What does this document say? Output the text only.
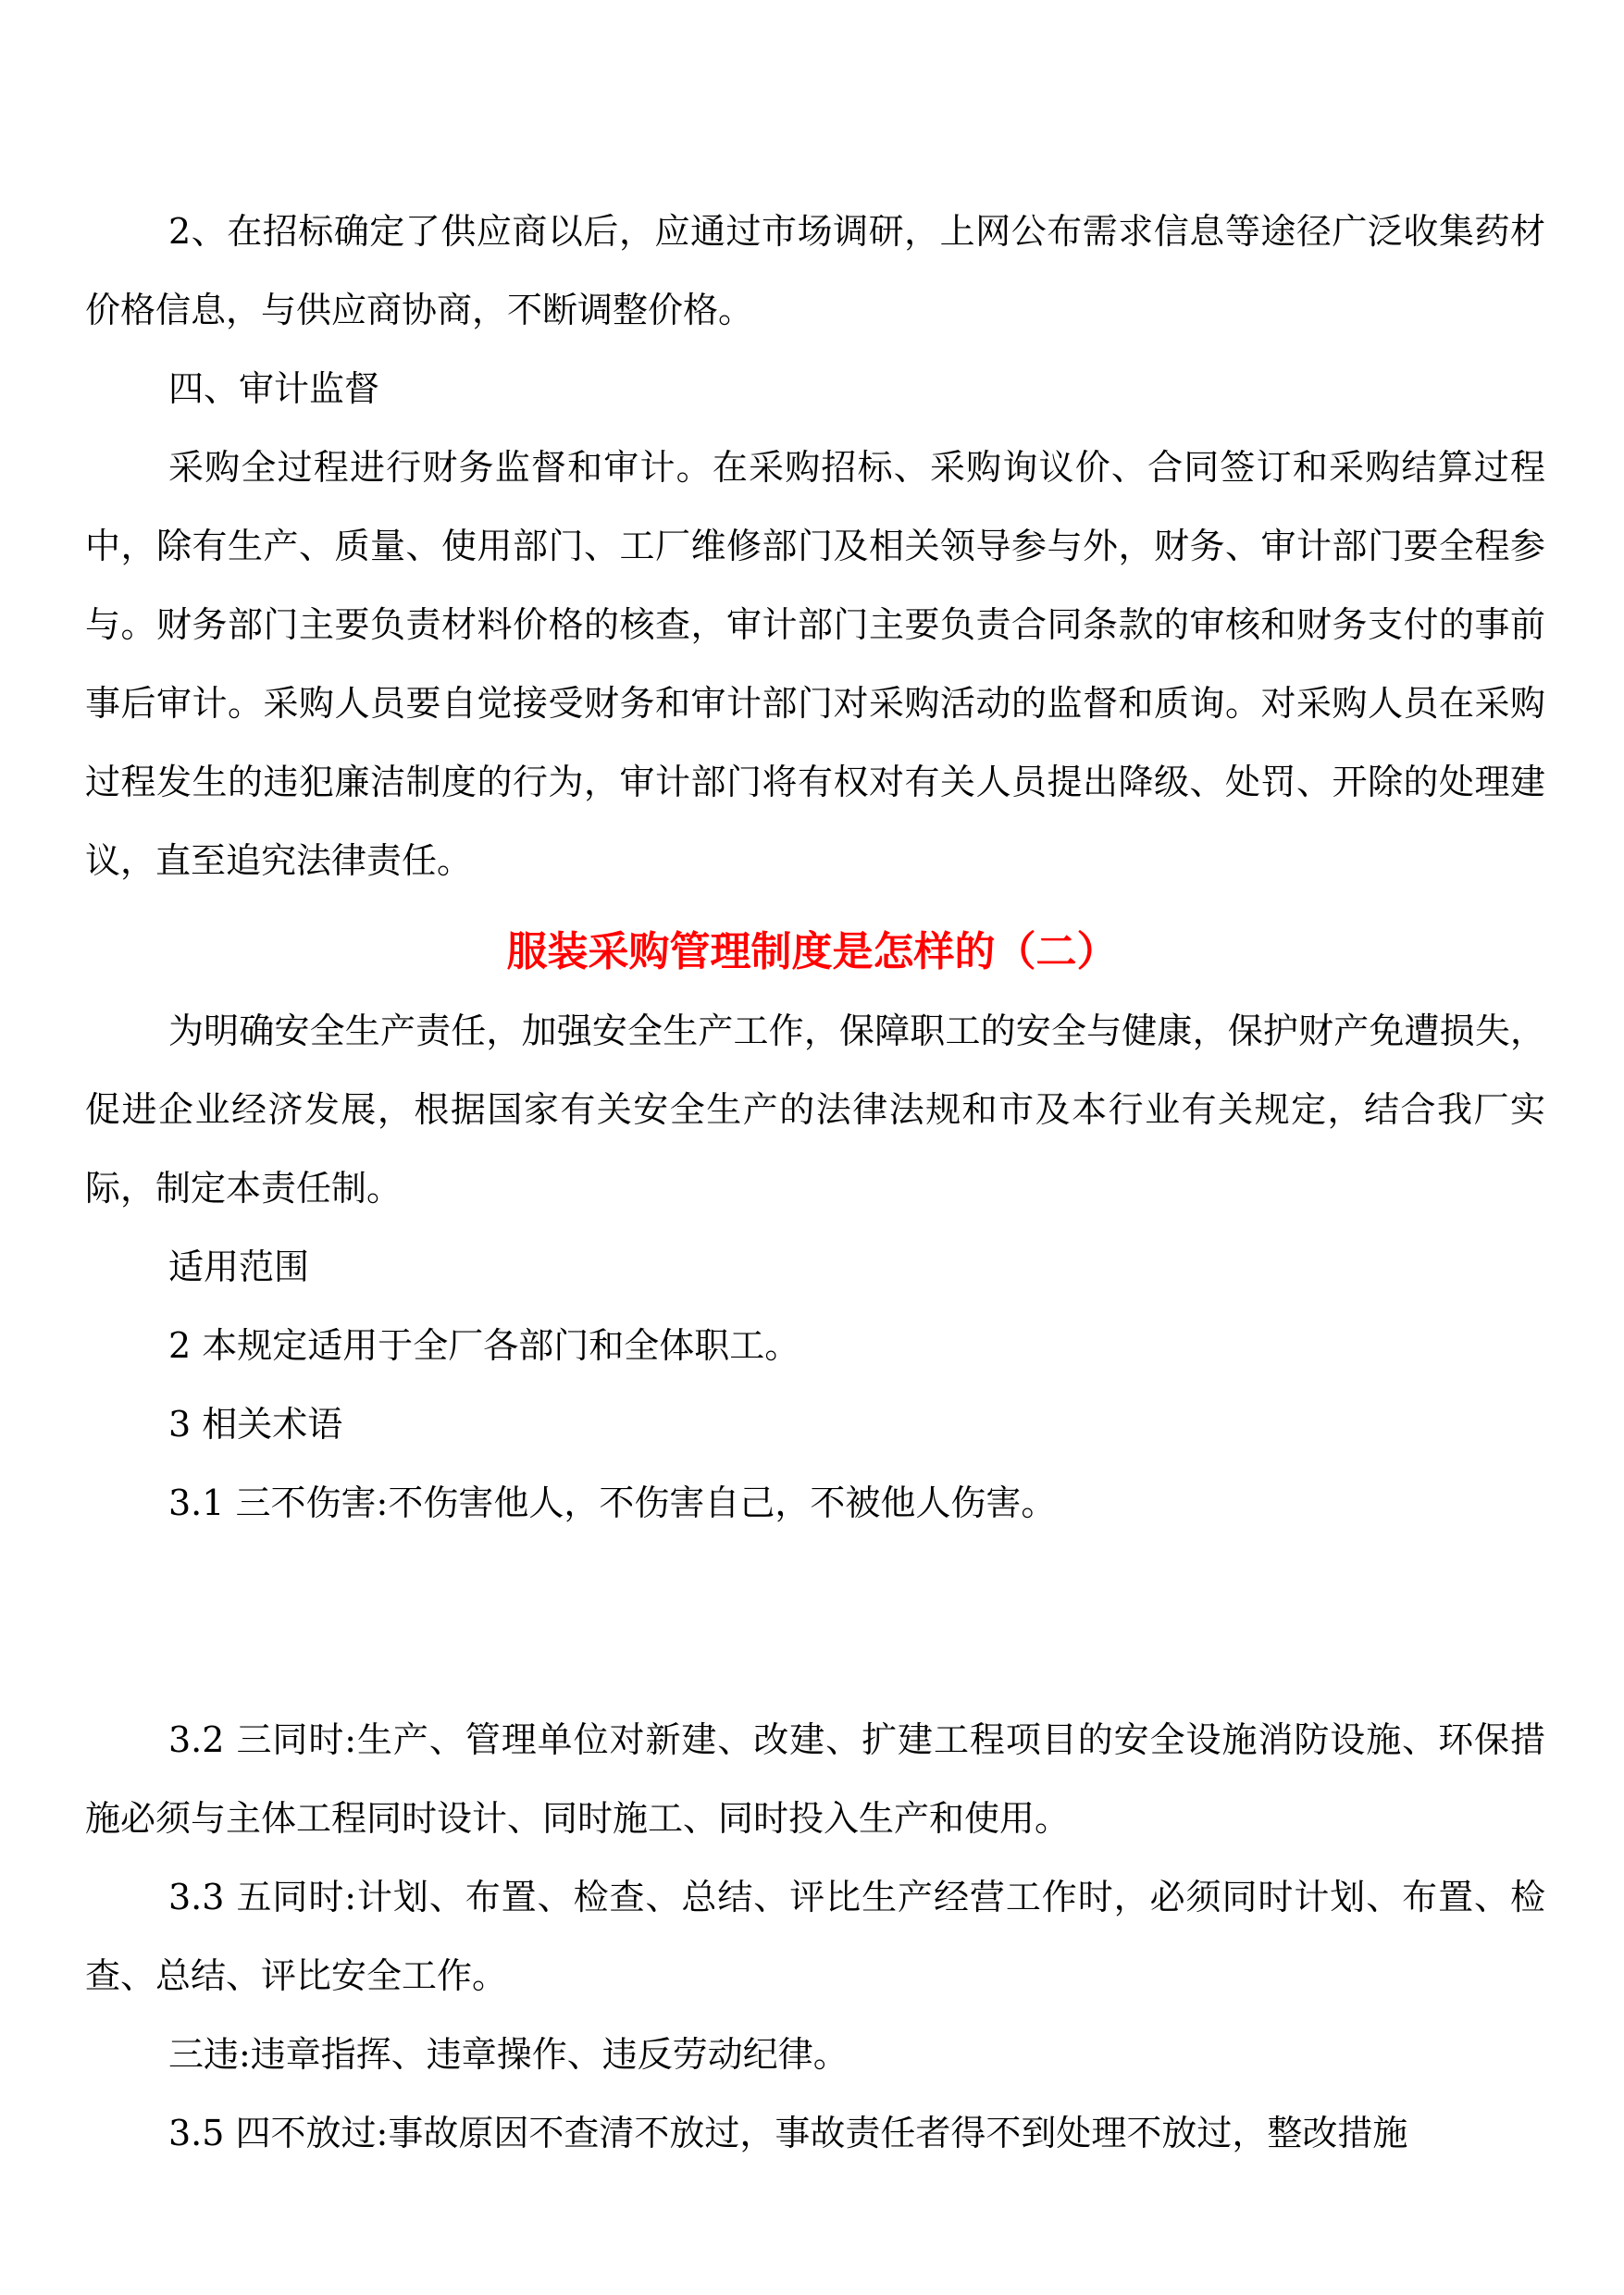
2、在招标确定了供应商以后，应通过市场调研，上网公布需求信息等途径广泛收集药材价格信息，与供应商协商，不断调整价格。

四、审计监督

采购全过程进行财务监督和审计。在采购招标、采购询议价、合同签订和采购结算过程中，除有生产、质量、使用部门、工厂维修部门及相关领导参与外，财务、审计部门要全程参与。财务部门主要负责材料价格的核查，审计部门主要负责合同条款的审核和财务支付的事前事后审计。采购人员要自觉接受财务和审计部门对采购活动的监督和质询。对采购人员在采购过程发生的违犯廉洁制度的行为，审计部门将有权对有关人员提出降级、处罚、开除的处理建议，直至追究法律责任。

服装采购管理制度是怎样的（二）

为明确安全生产责任，加强安全生产工作，保障职工的安全与健康，保护财产免遭损失，促进企业经济发展，根据国家有关安全生产的法律法规和市及本行业有关规定，结合我厂实际，制定本责任制。

适用范围

2 本规定适用于全厂各部门和全体职工。

3 相关术语

3.1 三不伤害:不伤害他人，不伤害自己，不被他人伤害。

3.2 三同时:生产、管理单位对新建、改建、扩建工程项目的安全设施消防设施、环保措施必须与主体工程同时设计、同时施工、同时投入生产和使用。

3.3 五同时:计划、布置、检查、总结、评比生产经营工作时，必须同时计划、布置、检查、总结、评比安全工作。

三违:违章指挥、违章操作、违反劳动纪律。

3.5 四不放过:事故原因不查清不放过，事故责任者得不到处理不放过，整改措施
